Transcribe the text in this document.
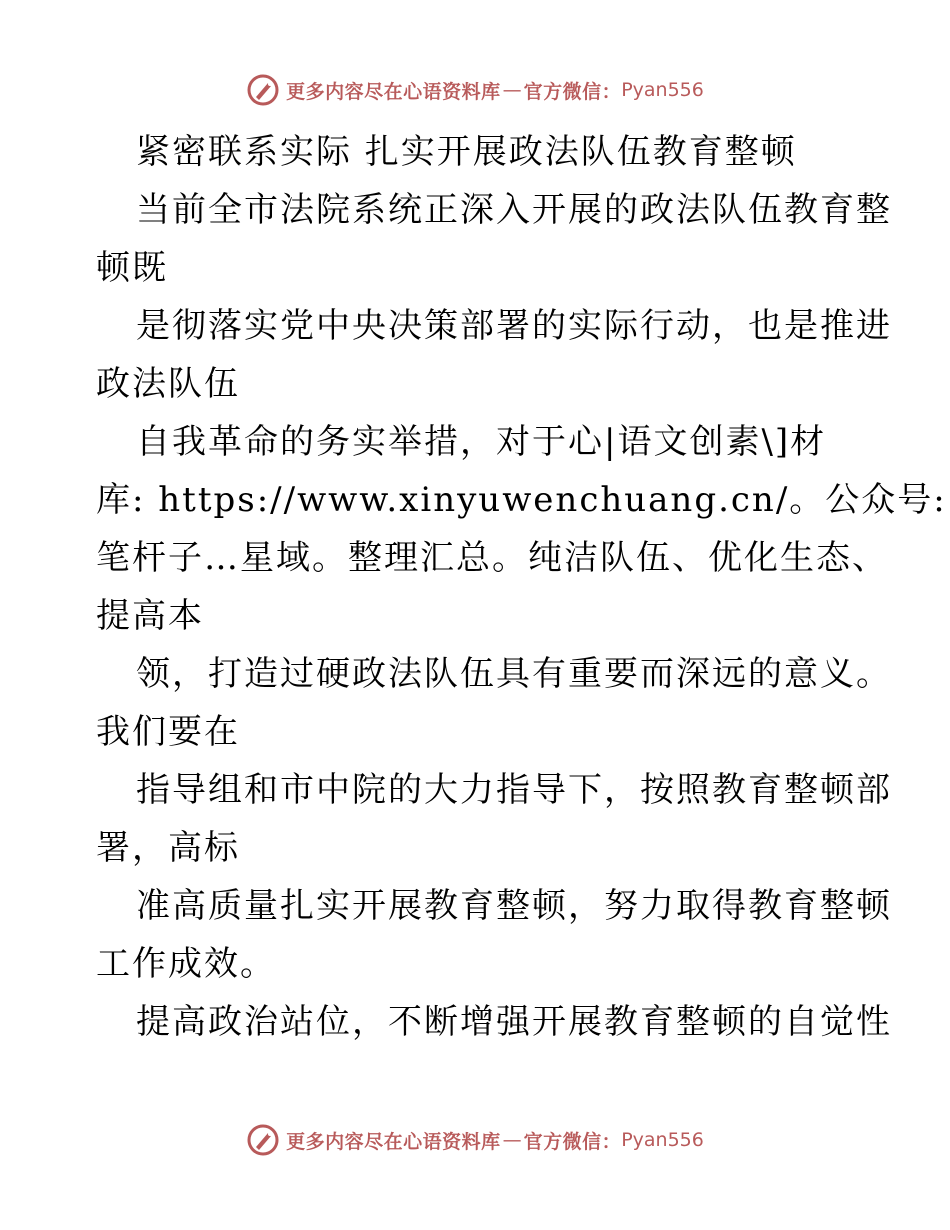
更多内容尽在心语资料库 — 官方微信： Pyan556
紧密联系实际 扎实开展政法队伍教育整顿
当前全市法院系统正深入开展的政法队伍教育整
顿既
是彻落实党中央决策部署的实际行动，也是推进
政法队伍
自我革命的务实举措，对于心|语文创素\]材
库: https://www.xinyuwenchuang.cn/。公众号:
笔杆子…星域。整理汇总。纯洁队伍、优化生态、
提高本
领，打造过硬政法队伍具有重要而深远的意义。
我们要在
指导组和市中院的大力指导下，按照教育整顿部
署，高标
准高质量扎实开展教育整顿，努力取得教育整顿
工作成效。
提高政治站位，不断增强开展教育整顿的自觉性
更多内容尽在心语资料库 — 官方微信： Pyan556
